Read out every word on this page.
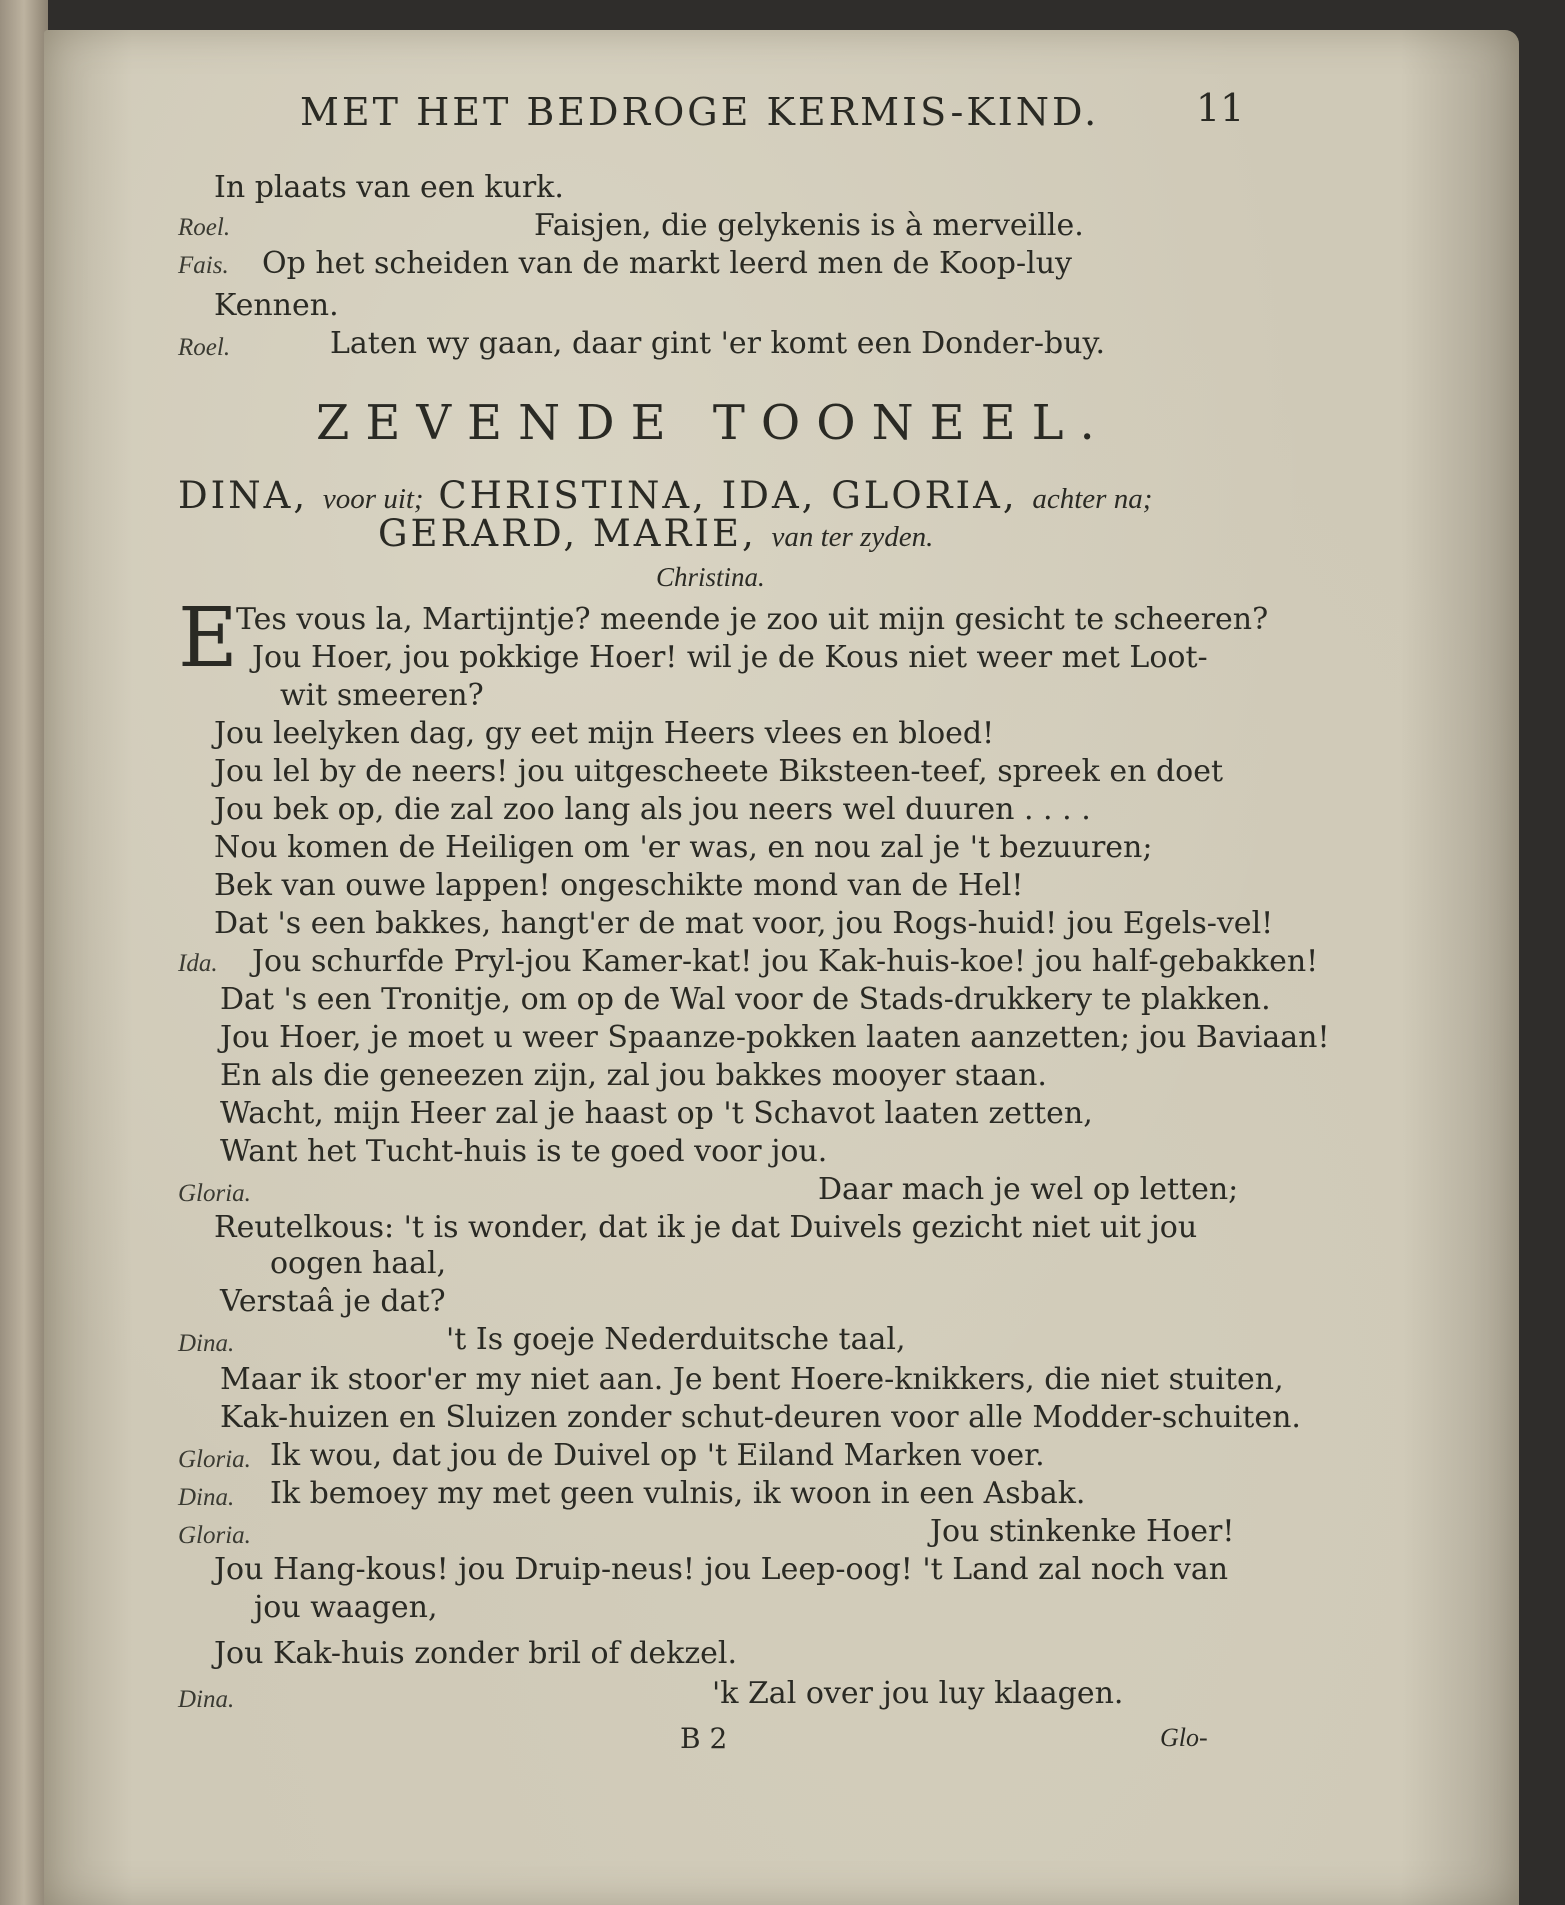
MET HET BEDROGE KERMIS-KIND.	11
In plaats van een kurk.
Roel.	Faisjen, die gelykenis is à merveille.
Fais. Op het scheiden van de markt leerd men de Koop-luy
Kennen.
Roel.	Laten wy gaan, daar gint 'er komt een Donder-buy.
ZEVENDE TOONEEL.
DINA, voor uit; CHRISTINA, IDA, GLORIA, achter na;
GERARD, MARIE, van ter zyden.
Christina.
E
Tes vous la, Martijntje? meende je zoo uit mijn gesicht te scheeren?
Jou Hoer, jou pokkige Hoer! wil je de Kous niet weer met Loot-
wit smeeren?
Jou leelyken dag, gy eet mijn Heers vlees en bloed!
Jou lel by de neers! jou uitgescheete Biksteen-teef, spreek en doet
Jou bek op, die zal zoo lang als jou neers wel duuren . . . .
Nou komen de Heiligen om 'er was, en nou zal je 't bezuuren;
Bek van ouwe lappen! ongeschikte mond van de Hel!
Dat 's een bakkes, hangt'er de mat voor, jou Rogs-huid! jou Egels-vel!
Ida. Jou schurfde Pryl-jou Kamer-kat! jou Kak-huis-koe! jou half-gebakken!
Dat 's een Tronitje, om op de Wal voor de Stads-drukkery te plakken.
Jou Hoer, je moet u weer Spaanze-pokken laaten aanzetten; jou Baviaan!
En als die geneezen zijn, zal jou bakkes mooyer staan.
Wacht, mijn Heer zal je haast op 't Schavot laaten zetten,
Want het Tucht-huis is te goed voor jou.
Gloria.	Daar mach je wel op letten;
Reutelkous: 't is wonder, dat ik je dat Duivels gezicht niet uit jou
oogen haal,
Verstaâ je dat?
Dina.	't Is goeje Nederduitsche taal,
Maar ik stoor'er my niet aan. Je bent Hoere-knikkers, die niet stuiten,
Kak-huizen en Sluizen zonder schut-deuren voor alle Modder-schuiten.
Gloria. Ik wou, dat jou de Duivel op 't Eiland Marken voer.
Dina. Ik bemoey my met geen vulnis, ik woon in een Asbak.
Gloria.	Jou stinkenke Hoer!
Jou Hang-kous! jou Druip-neus! jou Leep-oog! 't Land zal noch van
jou waagen,
Jou Kak-huis zonder bril of dekzel.
Dina.	'k Zal over jou luy klaagen.
B 2	Glo-
